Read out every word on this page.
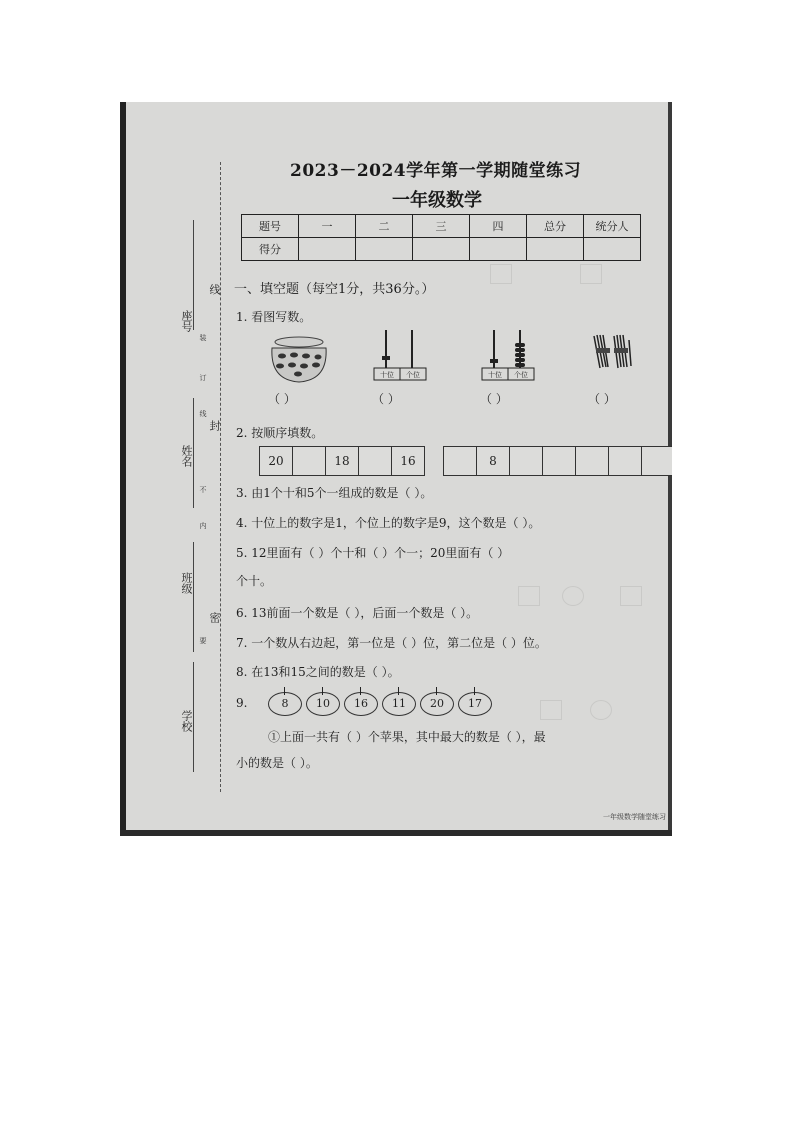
座号
姓名
班级
学校
线
封
密
装
订
线
内
不
要
2023－2024学年第一学期随堂练习
一年级数学
题号	一	二	三	四	总分	统分人
得分						
一、填空题（每空1分，共36分。）
1. 看图写数。
十位 个位	十位 个位
（ ）	（ ）	（ ）	（ ）
2. 按顺序填数。
20	18	16	8
3. 由1个十和5个一组成的数是（ ）。
4. 十位上的数字是1，个位上的数字是9，这个数是（ ）。
5. 12里面有（ ）个十和（ ）个一；20里面有（ ）
个十。
6. 13前面一个数是（ ），后面一个数是（ ）。
7. 一个数从右边起，第一位是（ ）位，第二位是（ ）位。
8. 在13和15之间的数是（ ）。
9.	8	10	16	11	20	17
①上面一共有（ ）个苹果，其中最大的数是（ ），最
小的数是（ ）。
一年级数学随堂练习
